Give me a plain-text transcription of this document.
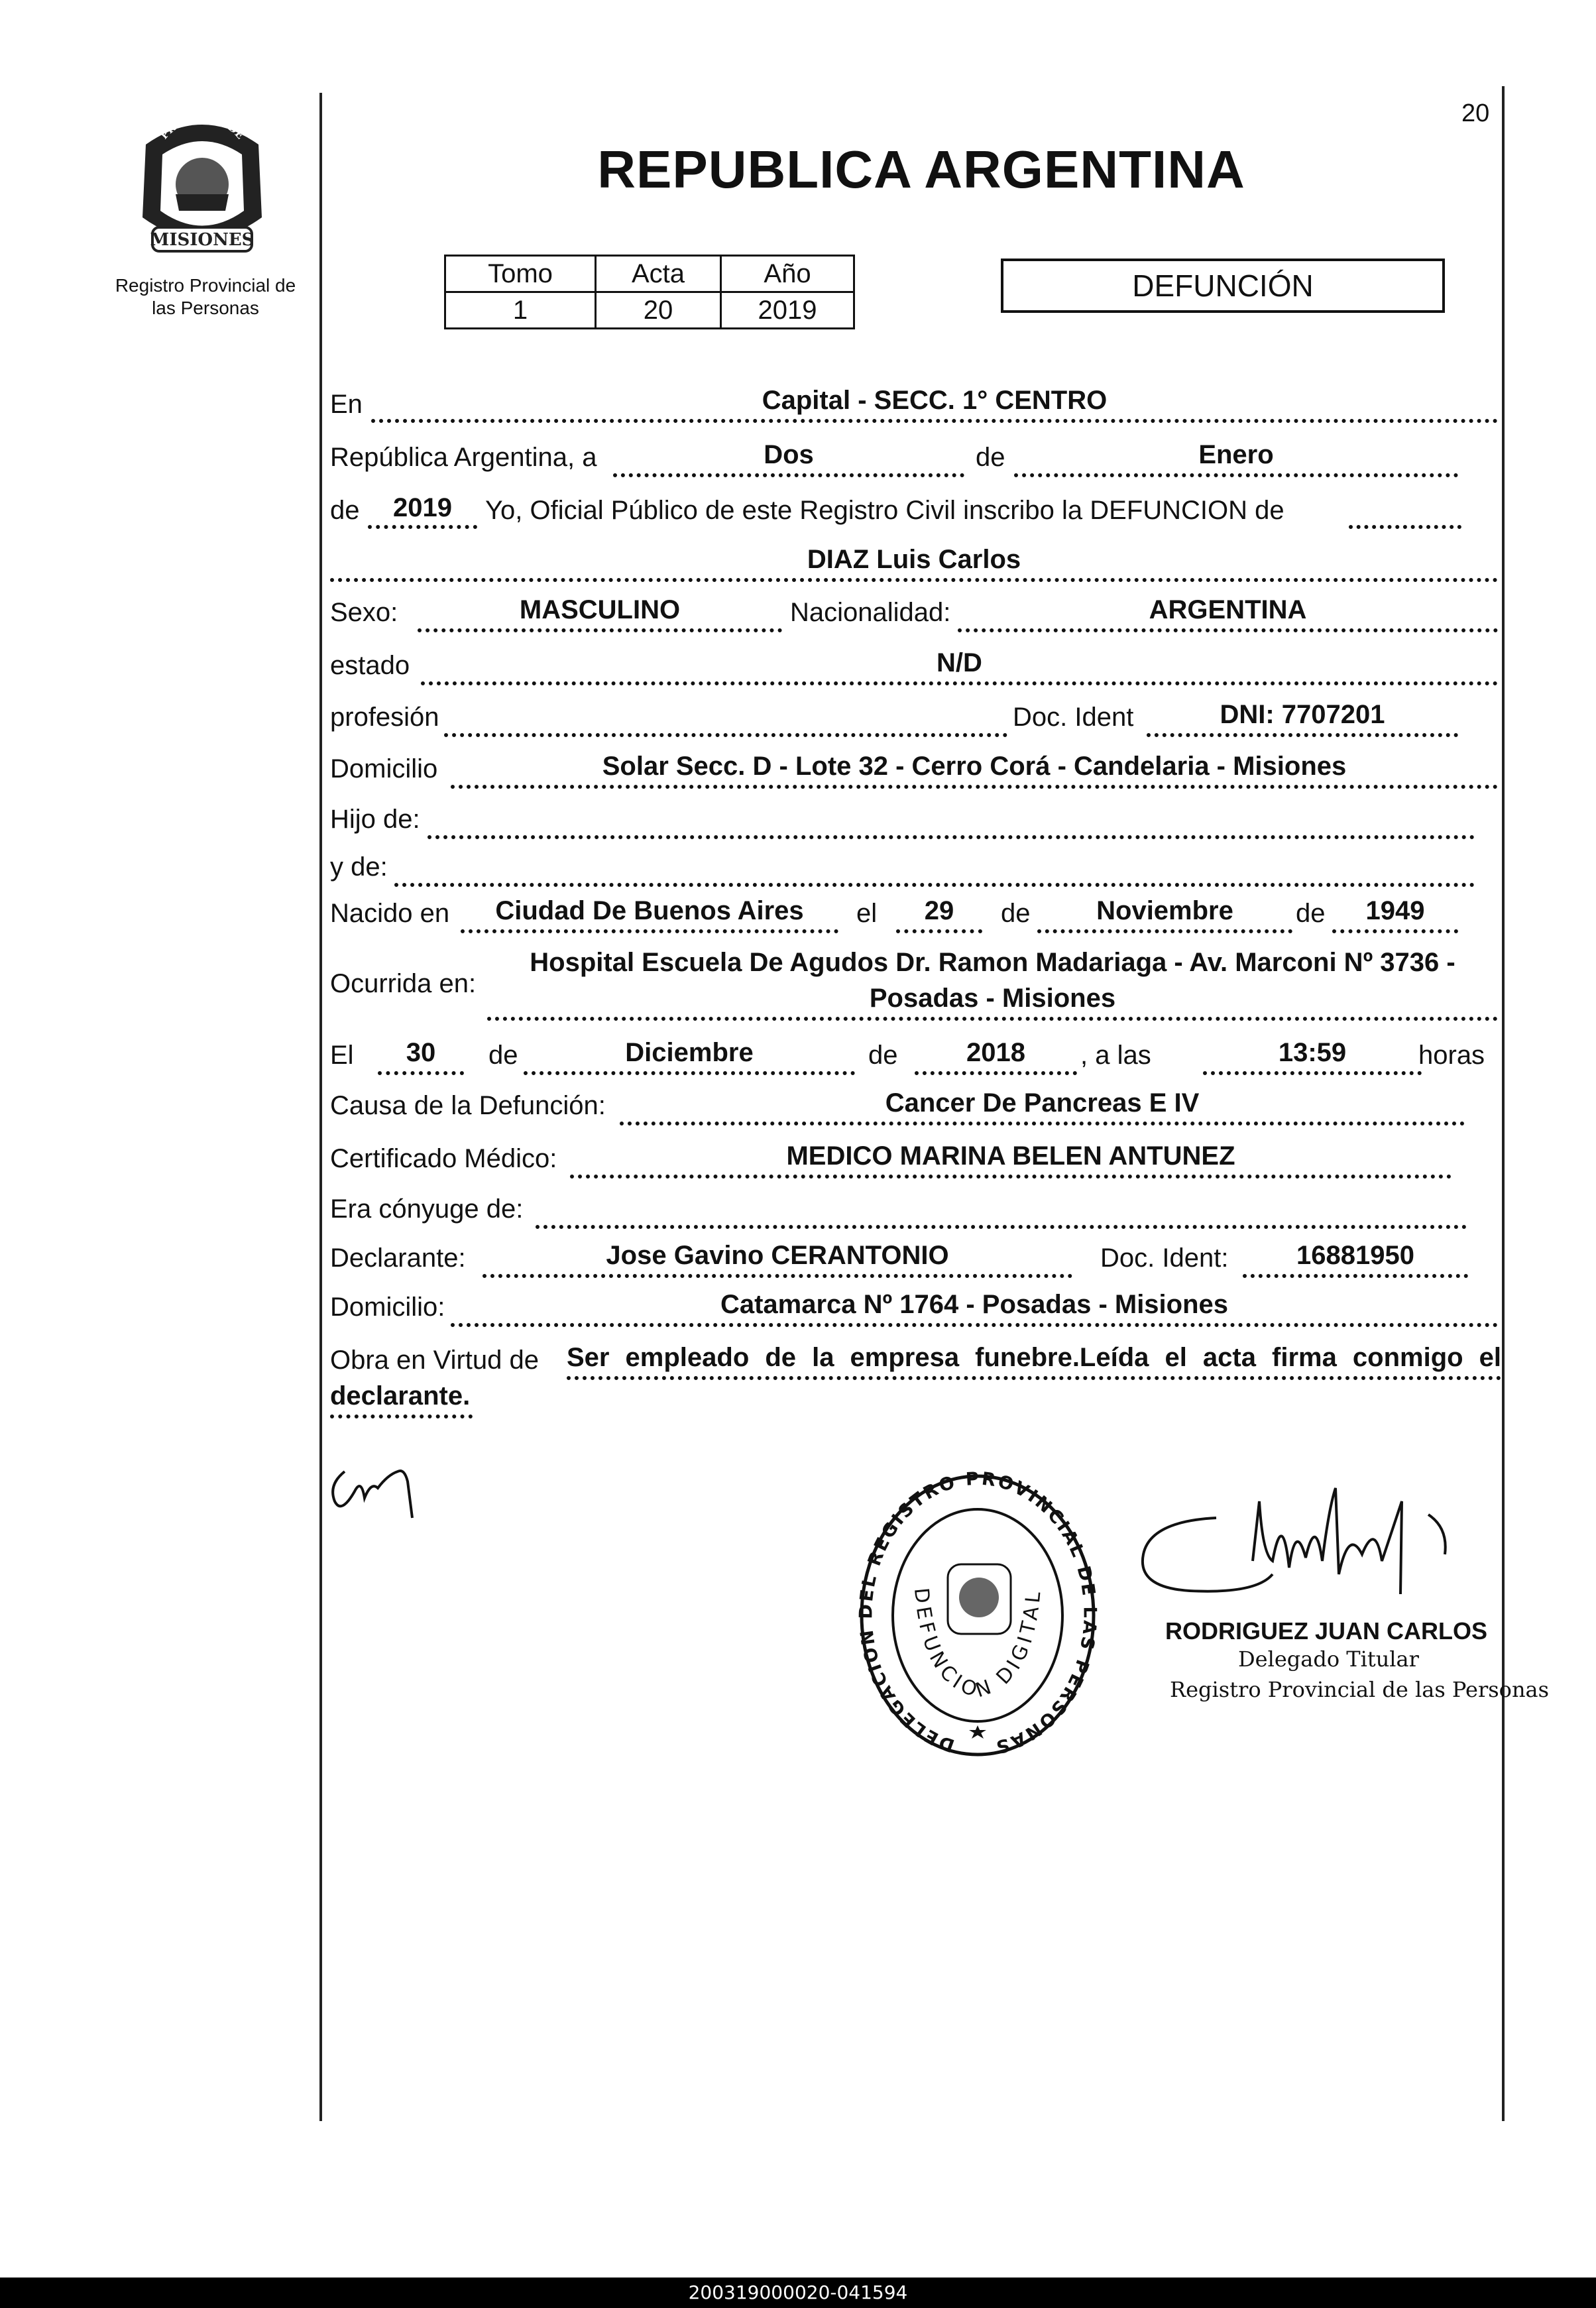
MISIONES
PROVINCIA DE
Registro Provincial de
las Personas
20
REPUBLICA ARGENTINA
Tomo	Acta	Año
1	20	2019
DEFUNCIÓN
En	Capital - SECC. 1° CENTRO
República Argentina, a	Dos	de	Enero
de	2019	Yo, Oficial Público de este Registro Civil inscribo la DEFUNCION de
DIAZ Luis Carlos
Sexo:	MASCULINO	Nacionalidad:	ARGENTINA
estado	N/D
profesión	Doc. Ident	DNI: 7707201
Domicilio	Solar Secc. D - Lote 32 - Cerro Corá - Candelaria - Misiones
Hijo de:
y de:
Nacido en	Ciudad De Buenos Aires	el	29	de	Noviembre	de	1949
Ocurrida en:
Hospital Escuela De Agudos Dr. Ramon Madariaga - Av. Marconi Nº 3736 -
Posadas - Misiones
El	30	de	Diciembre	de	2018	, a las	13:59	horas
Causa de la Defunción:	Cancer De Pancreas E IV
Certificado Médico:	MEDICO MARINA BELEN ANTUNEZ
Era cónyuge de:
Declarante:	Jose Gavino CERANTONIO	Doc. Ident:	16881950
Domicilio:	Catamarca Nº 1764 - Posadas - Misiones
Obra en Virtud de Ser empleado de la empresa funebre.Leída el acta firma conmigo el
declarante.
DELEGACION DEL REGISTRO PROVINCIAL DE LAS PERSONAS
DEFUNCION DIGITAL
RODRIGUEZ JUAN CARLOS
Delegado Titular
Registro Provincial de las Personas
200319000020-041594
